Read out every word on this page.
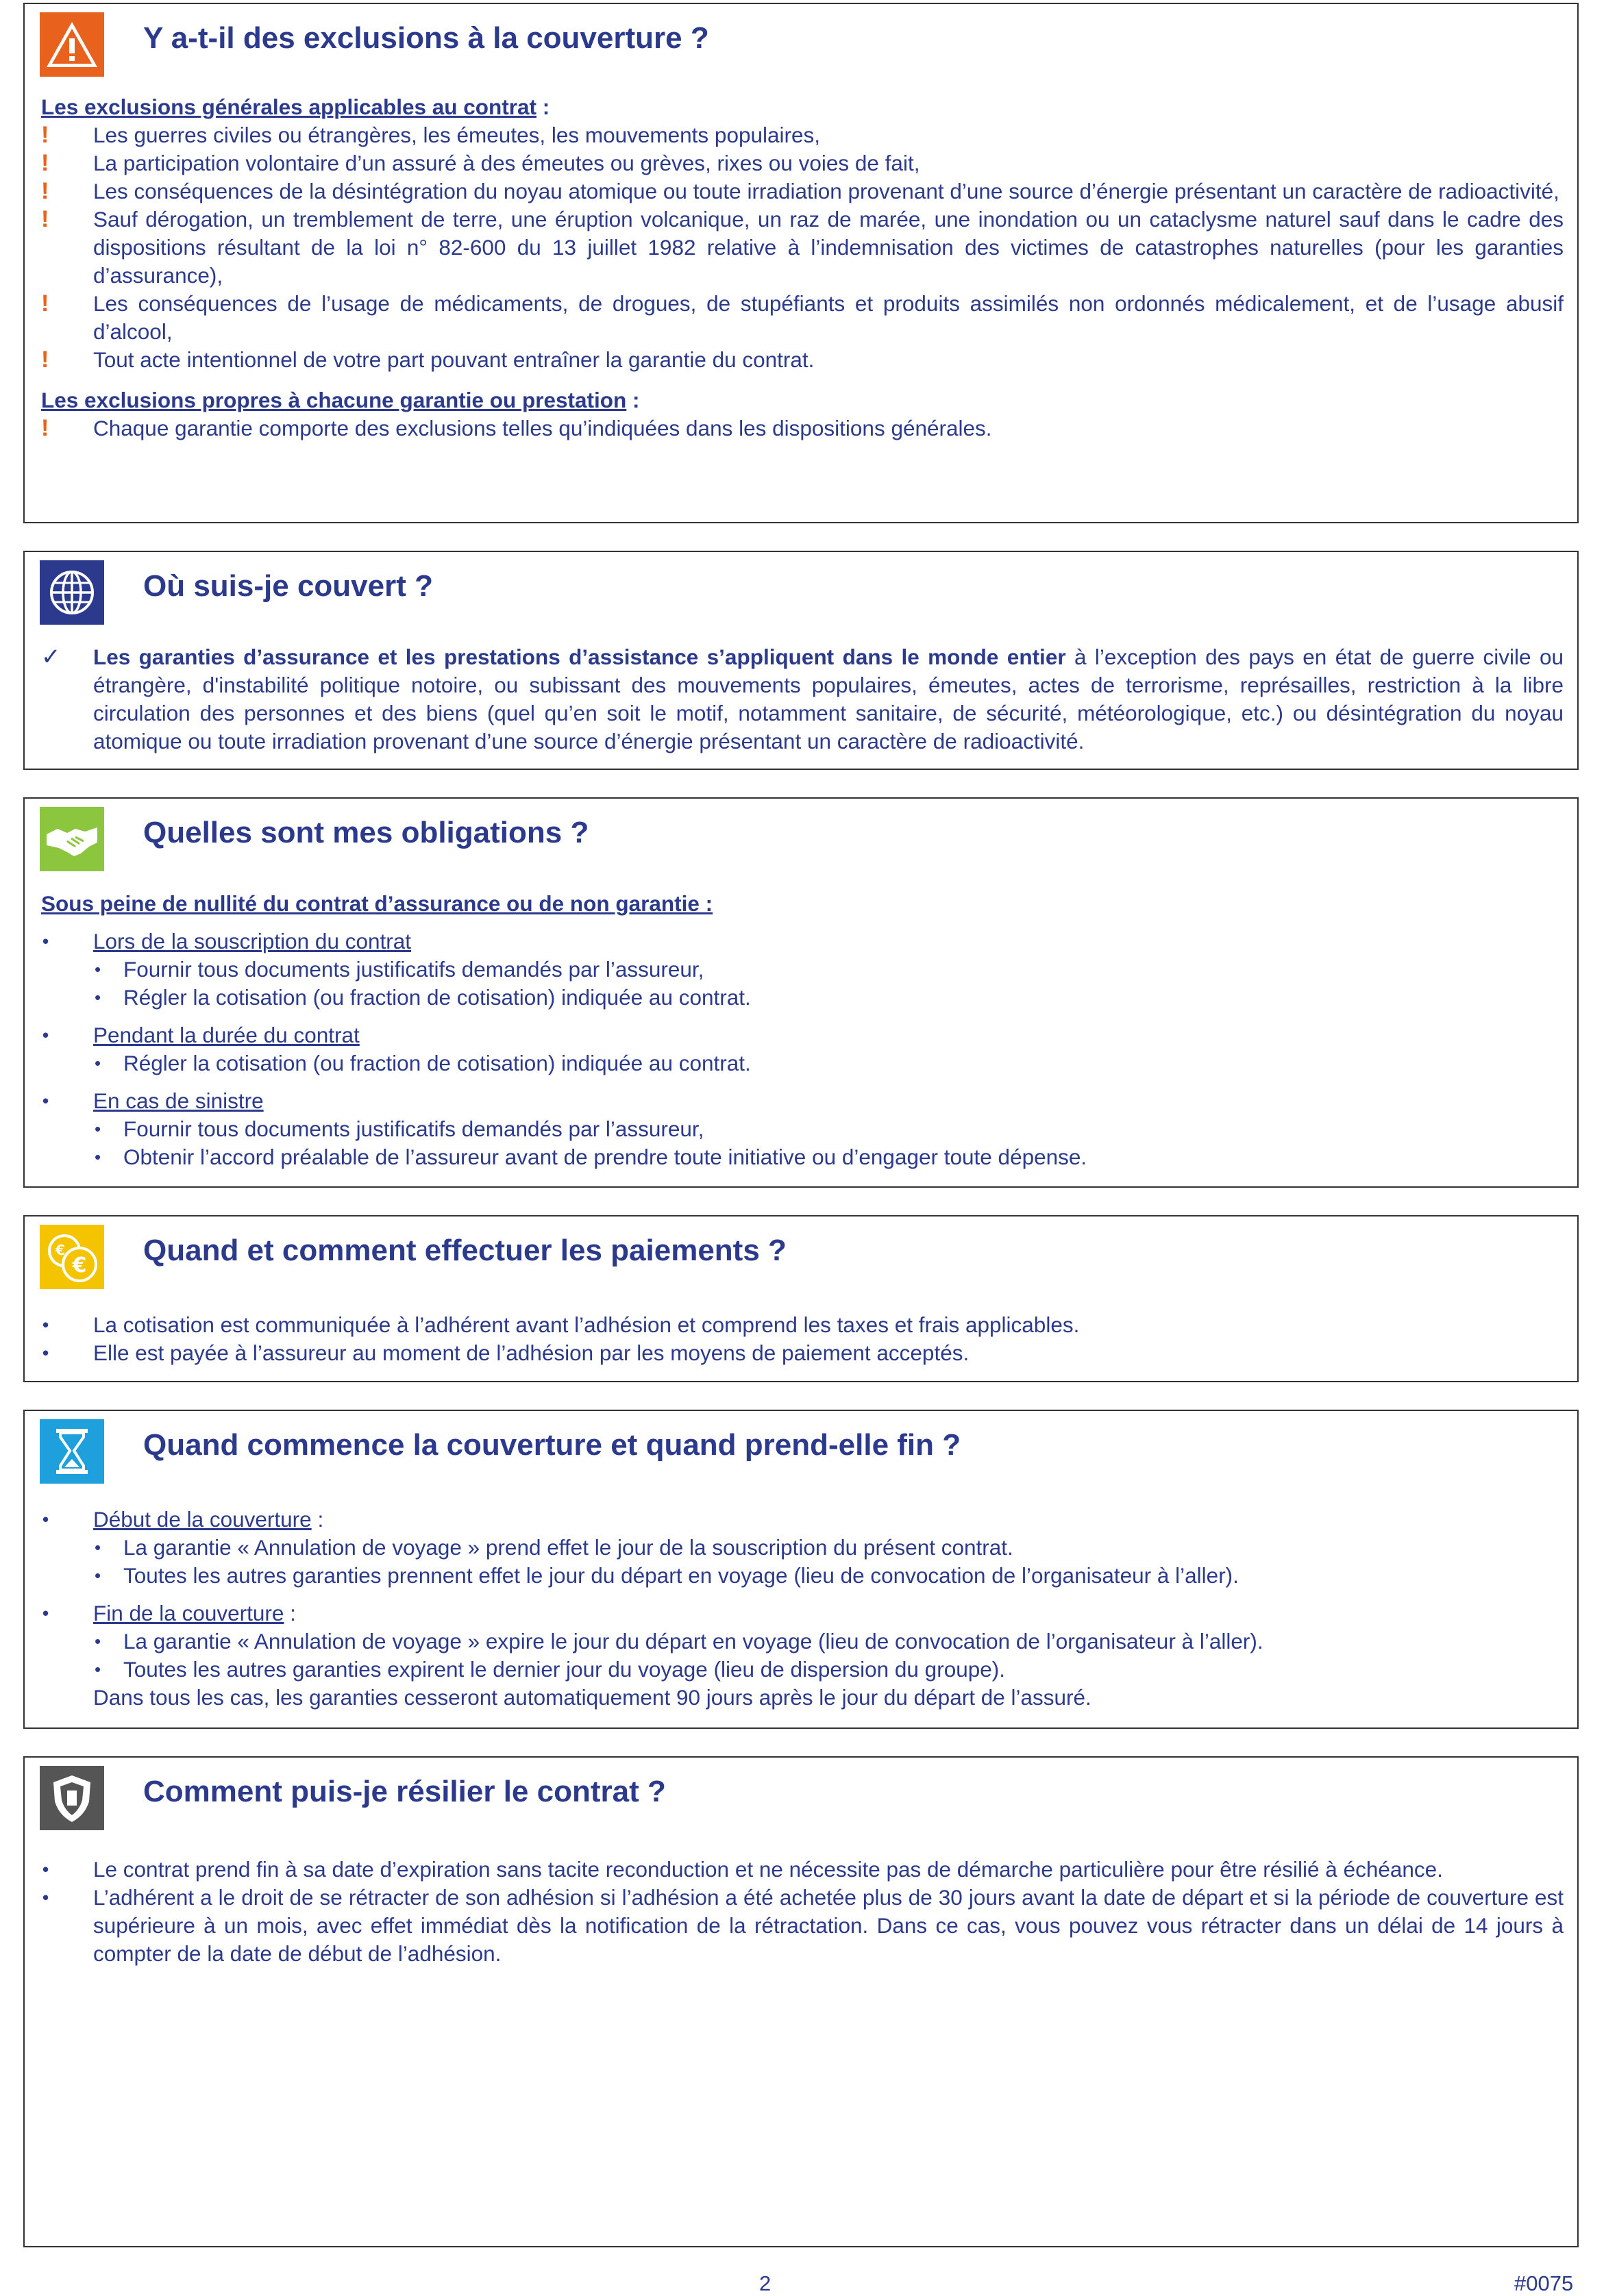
Y a-t-il des exclusions à la couverture ?
Les exclusions générales applicables au contrat :
!	Les guerres civiles ou étrangères, les émeutes, les mouvements populaires,
!	La participation volontaire d’un assuré à des émeutes ou grèves, rixes ou voies de fait,
!	Les conséquences de la désintégration du noyau atomique ou toute irradiation provenant d’une source d’énergie présentant un caractère de radioactivité,
!	Sauf dérogation, un tremblement de terre, une éruption volcanique, un raz de marée, une inondation ou un cataclysme naturel sauf dans le cadre des dispositions résultant de la loi n° 82-600 du 13 juillet 1982 relative à l’indemnisation des victimes de catastrophes naturelles (pour les garanties d’assurance),
!	Les conséquences de l’usage de médicaments, de drogues, de stupéfiants et produits assimilés non ordonnés médicalement, et de l’usage abusif d’alcool,
!	Tout acte intentionnel de votre part pouvant entraîner la garantie du contrat.
Les exclusions propres à chacune garantie ou prestation :
!	Chaque garantie comporte des exclusions telles qu’indiquées dans les dispositions générales.
Où suis-je couvert ?
✓	Les garanties d’assurance et les prestations d’assistance s’appliquent dans le monde entier à l’exception des pays en état de guerre civile ou étrangère, d'instabilité politique notoire, ou subissant des mouvements populaires, émeutes, actes de terrorisme, représailles, restriction à la libre circulation des personnes et des biens (quel qu’en soit le motif, notamment sanitaire, de sécurité, météorologique, etc.) ou désintégration du noyau atomique ou toute irradiation provenant d’une source d’énergie présentant un caractère de radioactivité.
Quelles sont mes obligations ?
Sous peine de nullité du contrat d’assurance ou de non garantie :
•	Lors de la souscription du contrat
• Fournir tous documents justificatifs demandés par l’assureur,
• Régler la cotisation (ou fraction de cotisation) indiquée au contrat.
•	Pendant la durée du contrat
• Régler la cotisation (ou fraction de cotisation) indiquée au contrat.
•	En cas de sinistre
• Fournir tous documents justificatifs demandés par l’assureur,
• Obtenir l’accord préalable de l’assureur avant de prendre toute initiative ou d’engager toute dépense.
€
€	Quand et comment effectuer les paiements ?
•	La cotisation est communiquée à l’adhérent avant l’adhésion et comprend les taxes et frais applicables.
•	Elle est payée à l’assureur au moment de l’adhésion par les moyens de paiement acceptés.
Quand commence la couverture et quand prend-elle fin ?
•	Début de la couverture :
• La garantie « Annulation de voyage » prend effet le jour de la souscription du présent contrat.
• Toutes les autres garanties prennent effet le jour du départ en voyage (lieu de convocation de l’organisateur à l’aller).
•	Fin de la couverture :
• La garantie « Annulation de voyage » expire le jour du départ en voyage (lieu de convocation de l’organisateur à l’aller).
• Toutes les autres garanties expirent le dernier jour du voyage (lieu de dispersion du groupe).
Dans tous les cas, les garanties cesseront automatiquement 90 jours après le jour du départ de l’assuré.
Comment puis-je résilier le contrat ?
•	Le contrat prend fin à sa date d’expiration sans tacite reconduction et ne nécessite pas de démarche particulière pour être résilié à échéance.
•	L’adhérent a le droit de se rétracter de son adhésion si l’adhésion a été achetée plus de 30 jours avant la date de départ et si la période de couverture est supérieure à un mois, avec effet immédiat dès la notification de la rétractation. Dans ce cas, vous pouvez vous rétracter dans un délai de 14 jours à compter de la date de début de l’adhésion.
2	#0075
